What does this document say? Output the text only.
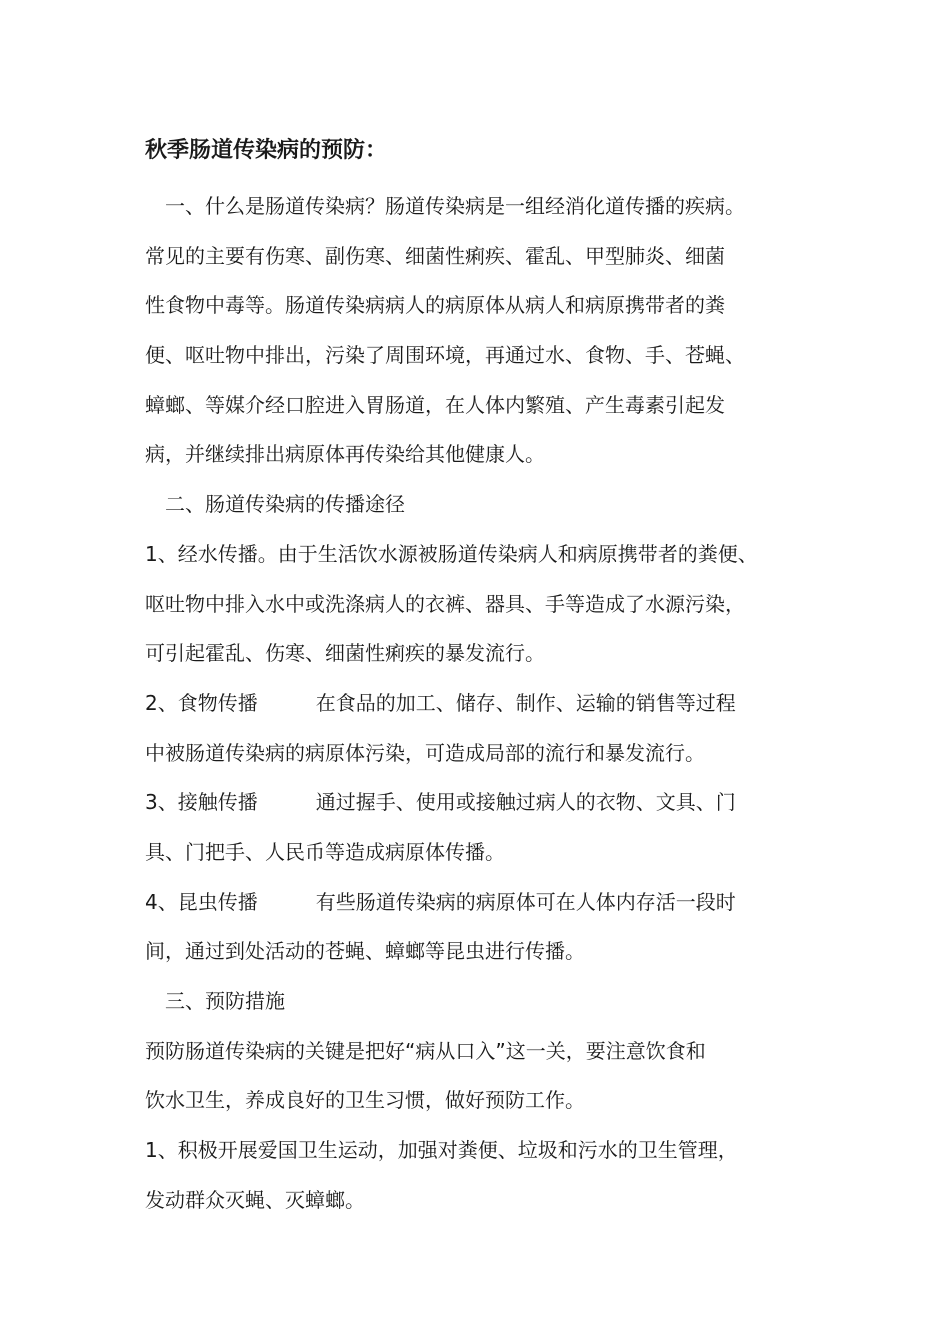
秋季肠道传染病的预防：
一、什么是肠道传染病？肠道传染病是一组经消化道传播的疾病。
常见的主要有伤寒、副伤寒、细菌性痢疾、霍乱、甲型肺炎、细菌
性食物中毒等。肠道传染病病人的病原体从病人和病原携带者的粪
便、呕吐物中排出，污染了周围环境，再通过水、食物、手、苍蝇、
蟑螂、等媒介经口腔进入胃肠道，在人体内繁殖、产生毒素引起发
病，并继续排出病原体再传染给其他健康人。
二、肠道传染病的传播途径
1、经水传播。由于生活饮水源被肠道传染病人和病原携带者的粪便、
呕吐物中排入水中或洗涤病人的衣裤、器具、手等造成了水源污染，
可引起霍乱、伤寒、细菌性痢疾的暴发流行。
2、食物传播	在食品的加工、储存、制作、运输的销售等过程
中被肠道传染病的病原体污染，可造成局部的流行和暴发流行。
3、接触传播	通过握手、使用或接触过病人的衣物、文具、门
具、门把手、人民币等造成病原体传播。
4、昆虫传播	有些肠道传染病的病原体可在人体内存活一段时
间，通过到处活动的苍蝇、蟑螂等昆虫进行传播。
三、预防措施
预防肠道传染病的关键是把好“病从口入”这一关，要注意饮食和
饮水卫生，养成良好的卫生习惯，做好预防工作。
1、积极开展爱国卫生运动，加强对粪便、垃圾和污水的卫生管理，
发动群众灭蝇、灭蟑螂。
